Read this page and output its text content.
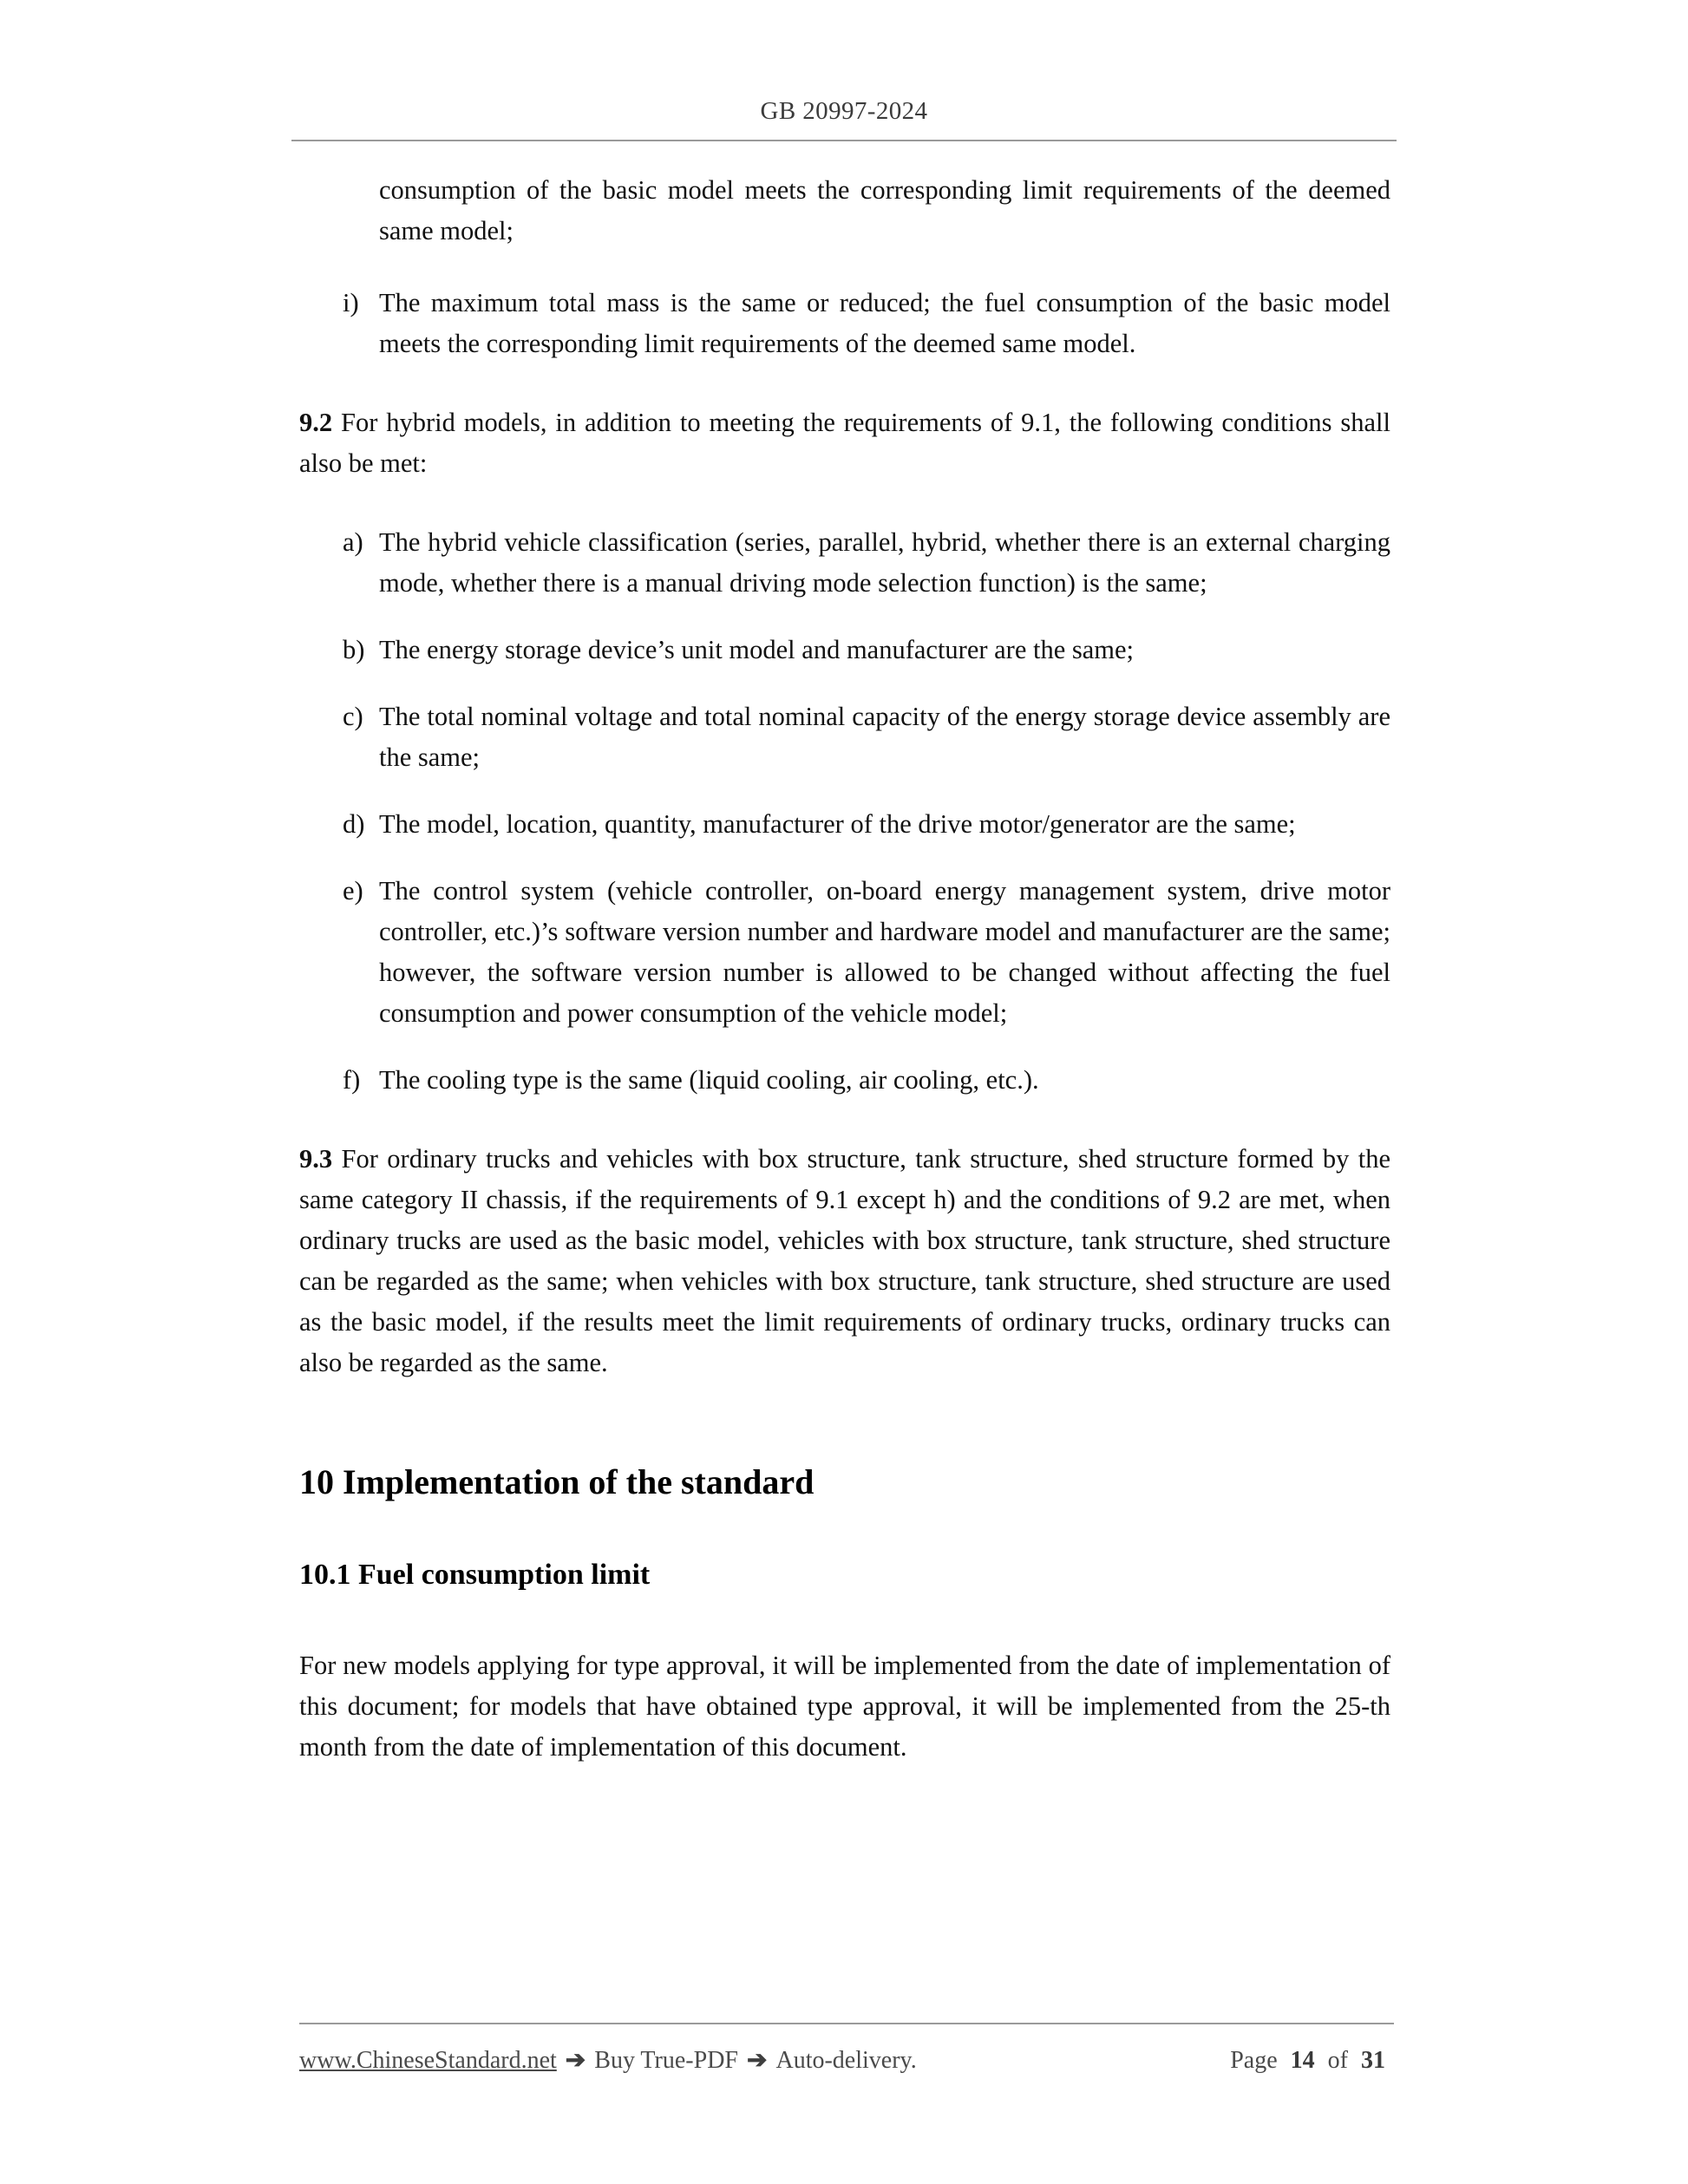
GB 20997-2024

consumption of the basic model meets the corresponding limit requirements of the deemed same model;

i) The maximum total mass is the same or reduced; the fuel consumption of the basic model meets the corresponding limit requirements of the deemed same model.

9.2 For hybrid models, in addition to meeting the requirements of 9.1, the following conditions shall also be met:

a) The hybrid vehicle classification (series, parallel, hybrid, whether there is an external charging mode, whether there is a manual driving mode selection function) is the same;
b) The energy storage device’s unit model and manufacturer are the same;
c) The total nominal voltage and total nominal capacity of the energy storage device assembly are the same;
d) The model, location, quantity, manufacturer of the drive motor/generator are the same;
e) The control system (vehicle controller, on-board energy management system, drive motor controller, etc.)’s software version number and hardware model and manufacturer are the same; however, the software version number is allowed to be changed without affecting the fuel consumption and power consumption of the vehicle model;
f) The cooling type is the same (liquid cooling, air cooling, etc.).

9.3 For ordinary trucks and vehicles with box structure, tank structure, shed structure formed by the same category II chassis, if the requirements of 9.1 except h) and the conditions of 9.2 are met, when ordinary trucks are used as the basic model, vehicles with box structure, tank structure, shed structure can be regarded as the same; when vehicles with box structure, tank structure, shed structure are used as the basic model, if the results meet the limit requirements of ordinary trucks, ordinary trucks can also be regarded as the same.

10 Implementation of the standard
10.1 Fuel consumption limit

For new models applying for type approval, it will be implemented from the date of implementation of this document; for models that have obtained type approval, it will be implemented from the 25-th month from the date of implementation of this document.

www.ChineseStandard.net ➔ Buy True-PDF ➔ Auto-delivery.	Page 14 of 31
